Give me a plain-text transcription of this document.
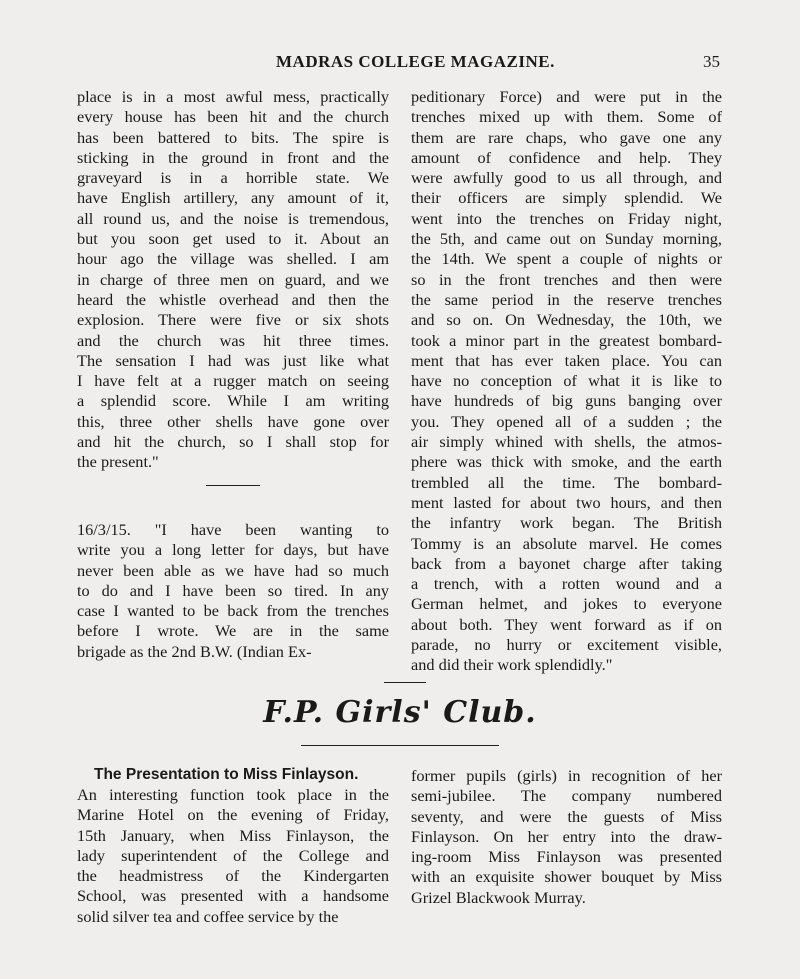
MADRAS COLLEGE MAGAZINE.	35
place is in a most awful mess, practically
every house has been hit and the church
has been battered to bits. The spire is
sticking in the ground in front and the
graveyard is in a horrible state. We
have English artillery, any amount of it,
all round us, and the noise is tremendous,
but you soon get used to it. About an
hour ago the village was shelled. I am
in charge of three men on guard, and we
heard the whistle overhead and then the
explosion. There were five or six shots
and the church was hit three times.
The sensation I had was just like what
I have felt at a rugger match on seeing
a splendid score. While I am writing
this, three other shells have gone over
and hit the church, so I shall stop for
the present."
16/3/15. "I have been wanting to
write you a long letter for days, but have
never been able as we have had so much
to do and I have been so tired. In any
case I wanted to be back from the trenches
before I wrote. We are in the same
brigade as the 2nd B.W. (Indian Ex-
peditionary Force) and were put in the
trenches mixed up with them. Some of
them are rare chaps, who gave one any
amount of confidence and help. They
were awfully good to us all through, and
their officers are simply splendid. We
went into the trenches on Friday night,
the 5th, and came out on Sunday morning,
the 14th. We spent a couple of nights or
so in the front trenches and then were
the same period in the reserve trenches
and so on. On Wednesday, the 10th, we
took a minor part in the greatest bombard-
ment that has ever taken place. You can
have no conception of what it is like to
have hundreds of big guns banging over
you. They opened all of a sudden ; the
air simply whined with shells, the atmos-
phere was thick with smoke, and the earth
trembled all the time. The bombard-
ment lasted for about two hours, and then
the infantry work began. The British
Tommy is an absolute marvel. He comes
back from a bayonet charge after taking
a trench, with a rotten wound and a
German helmet, and jokes to everyone
about both. They went forward as if on
parade, no hurry or excitement visible,
and did their work splendidly."
F.P. Girls' Club.
The Presentation to Miss Finlayson.
An interesting function took place in the
Marine Hotel on the evening of Friday,
15th January, when Miss Finlayson, the
lady superintendent of the College and
the headmistress of the Kindergarten
School, was presented with a handsome
solid silver tea and coffee service by the
former pupils (girls) in recognition of her
semi-jubilee. The company numbered
seventy, and were the guests of Miss
Finlayson. On her entry into the draw-
ing-room Miss Finlayson was presented
with an exquisite shower bouquet by Miss
Grizel Blackwook Murray.
